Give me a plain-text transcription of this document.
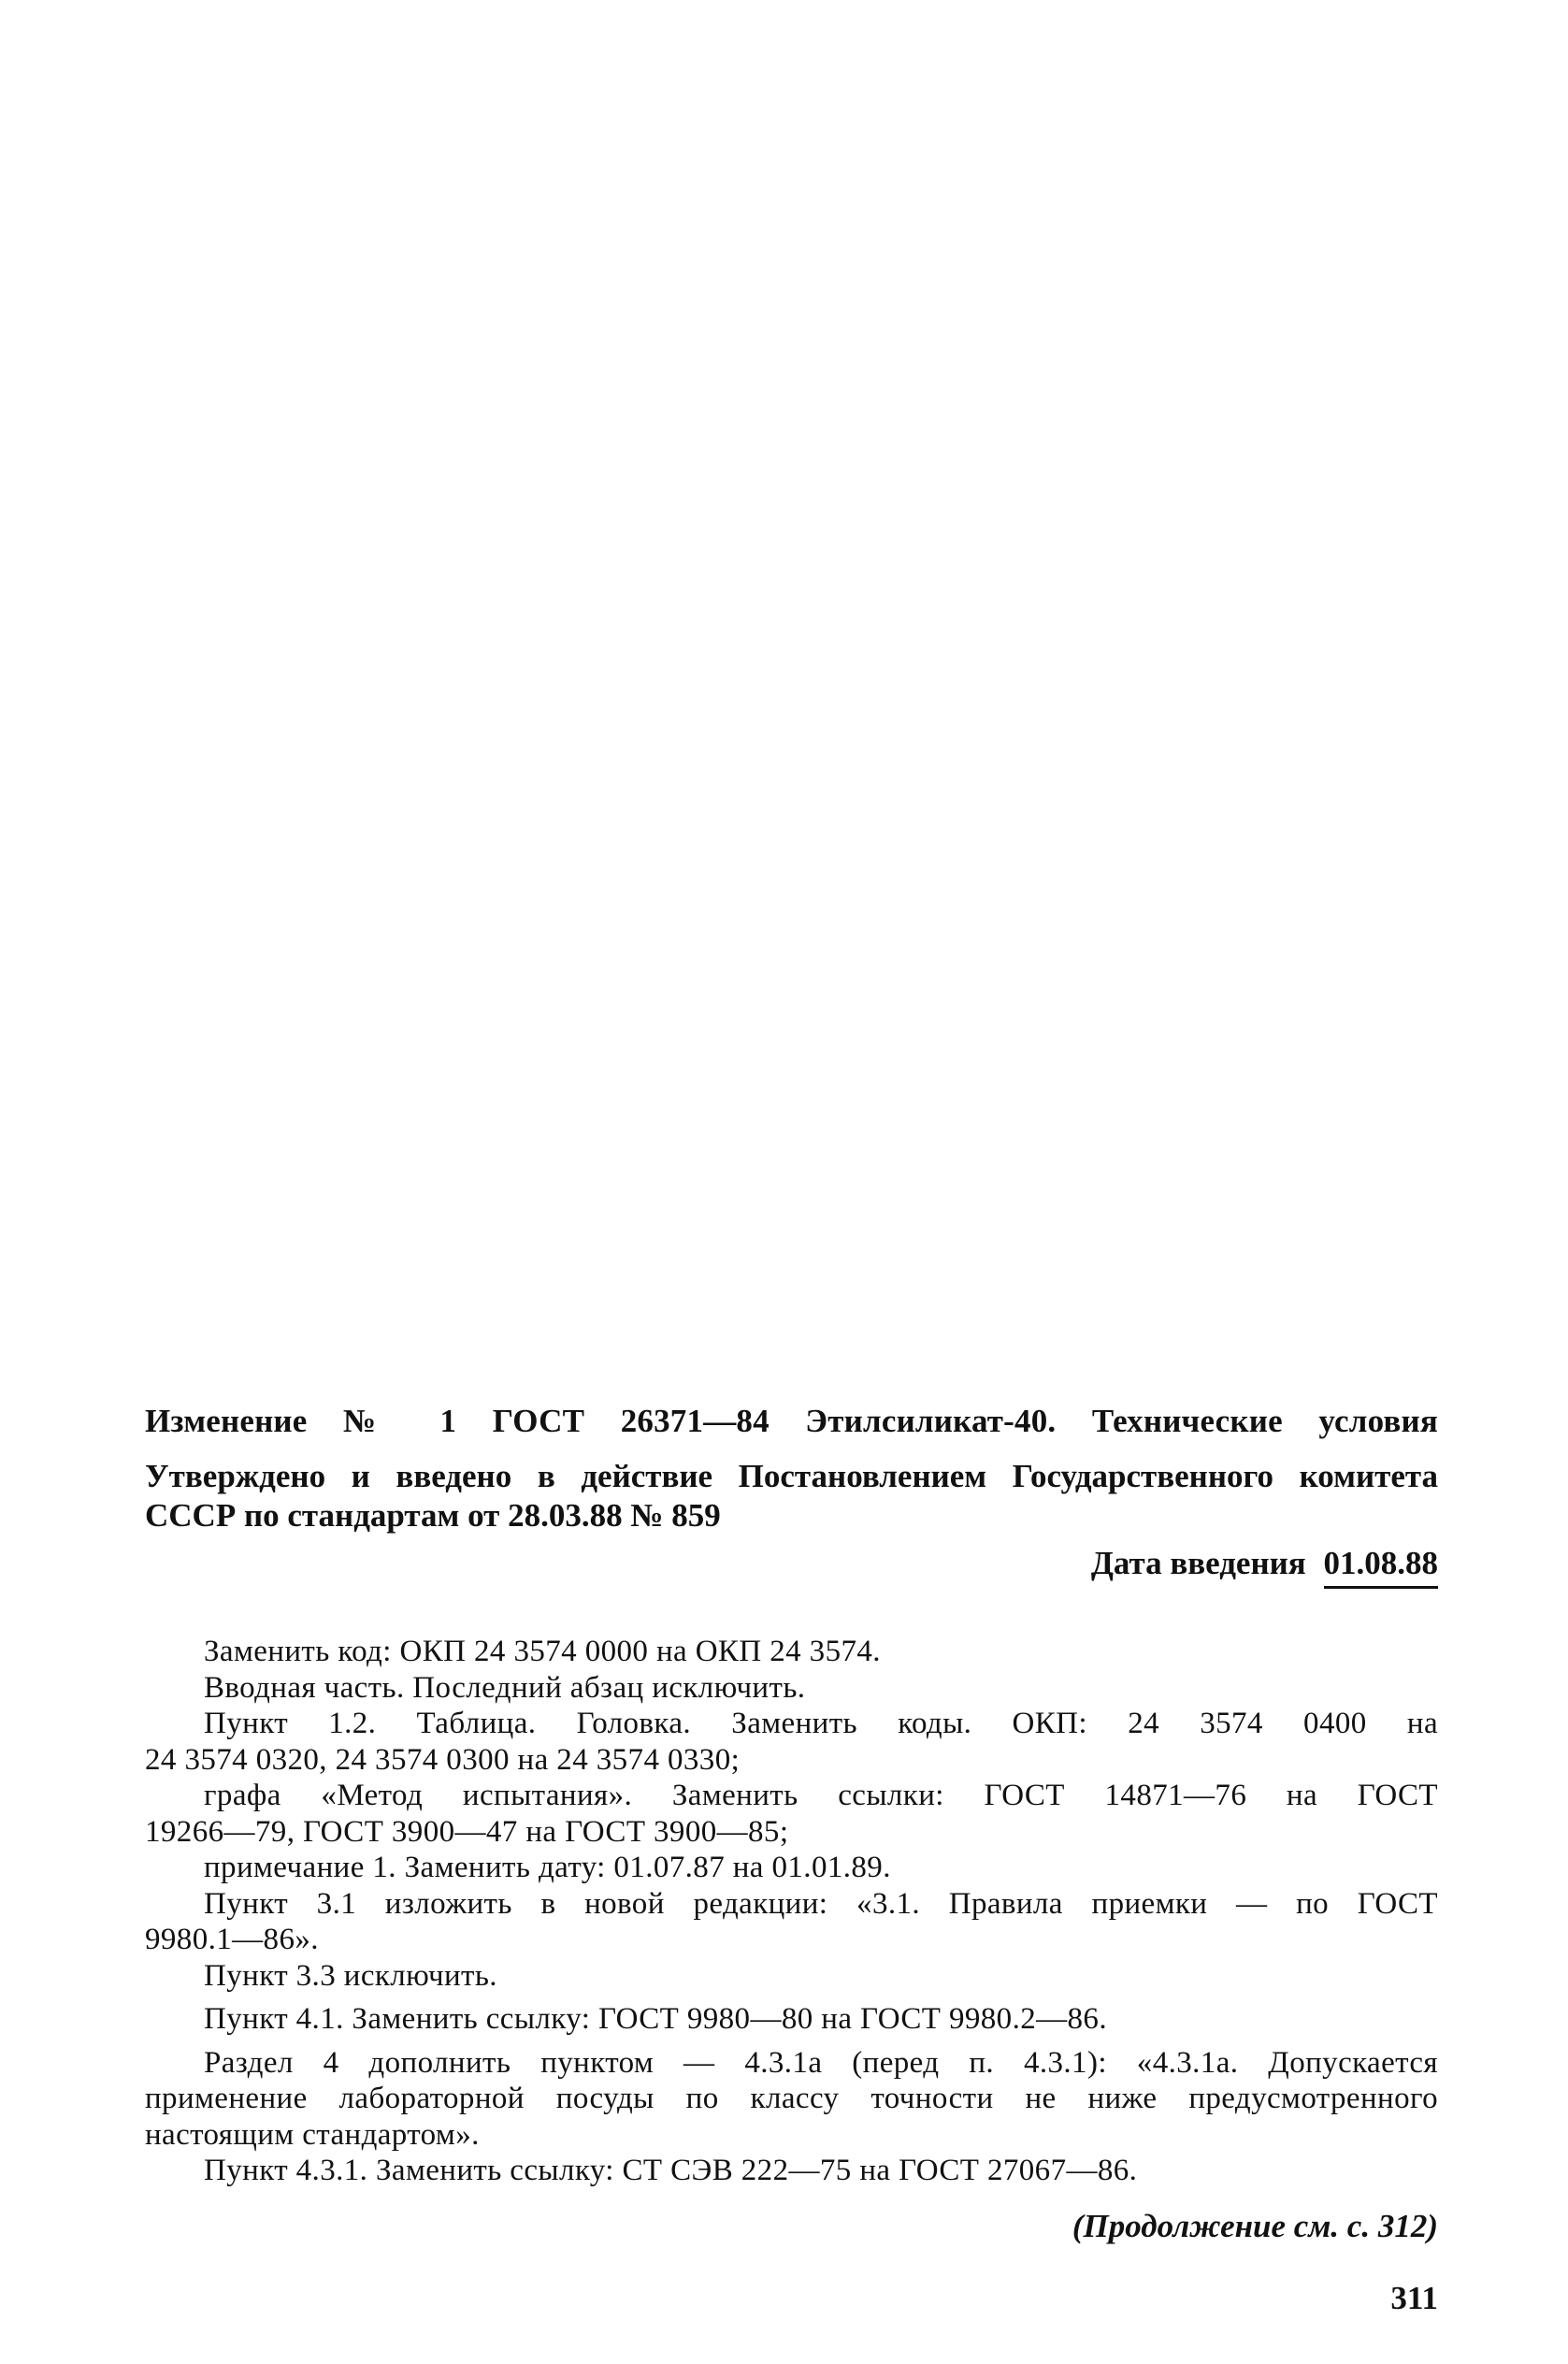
Изменение № 1 ГОСТ 26371—84 Этилсиликат-40. Технические условия

Утверждено и введено в действие Постановлением Государственного комитета
СССР по стандартам от 28.03.88 № 859

Дата введения 01.08.88

Заменить код: ОКП 24 3574 0000 на ОКП 24 3574.

Вводная часть. Последний абзац исключить.

Пункт 1.2. Таблица. Головка. Заменить коды. ОКП: 24 3574 0400 на
24 3574 0320, 24 3574 0300 на 24 3574 0330;

графа «Метод испытания». Заменить ссылки: ГОСТ 14871—76 на ГОСТ
19266—79, ГОСТ 3900—47 на ГОСТ 3900—85;

примечание 1. Заменить дату: 01.07.87 на 01.01.89.

Пункт 3.1 изложить в новой редакции: «3.1. Правила приемки — по ГОСТ
9980.1—86».

Пункт 3.3 исключить.

Пункт 4.1. Заменить ссылку: ГОСТ 9980—80 на ГОСТ 9980.2—86.

Раздел 4 дополнить пунктом — 4.3.1а (перед п. 4.3.1): «4.3.1а. Допускается
применение лабораторной посуды по классу точности не ниже предусмотренного
настоящим стандартом».

Пункт 4.3.1. Заменить ссылку: СТ СЭВ 222—75 на ГОСТ 27067—86.

(Продолжение см. с. 312)

311
